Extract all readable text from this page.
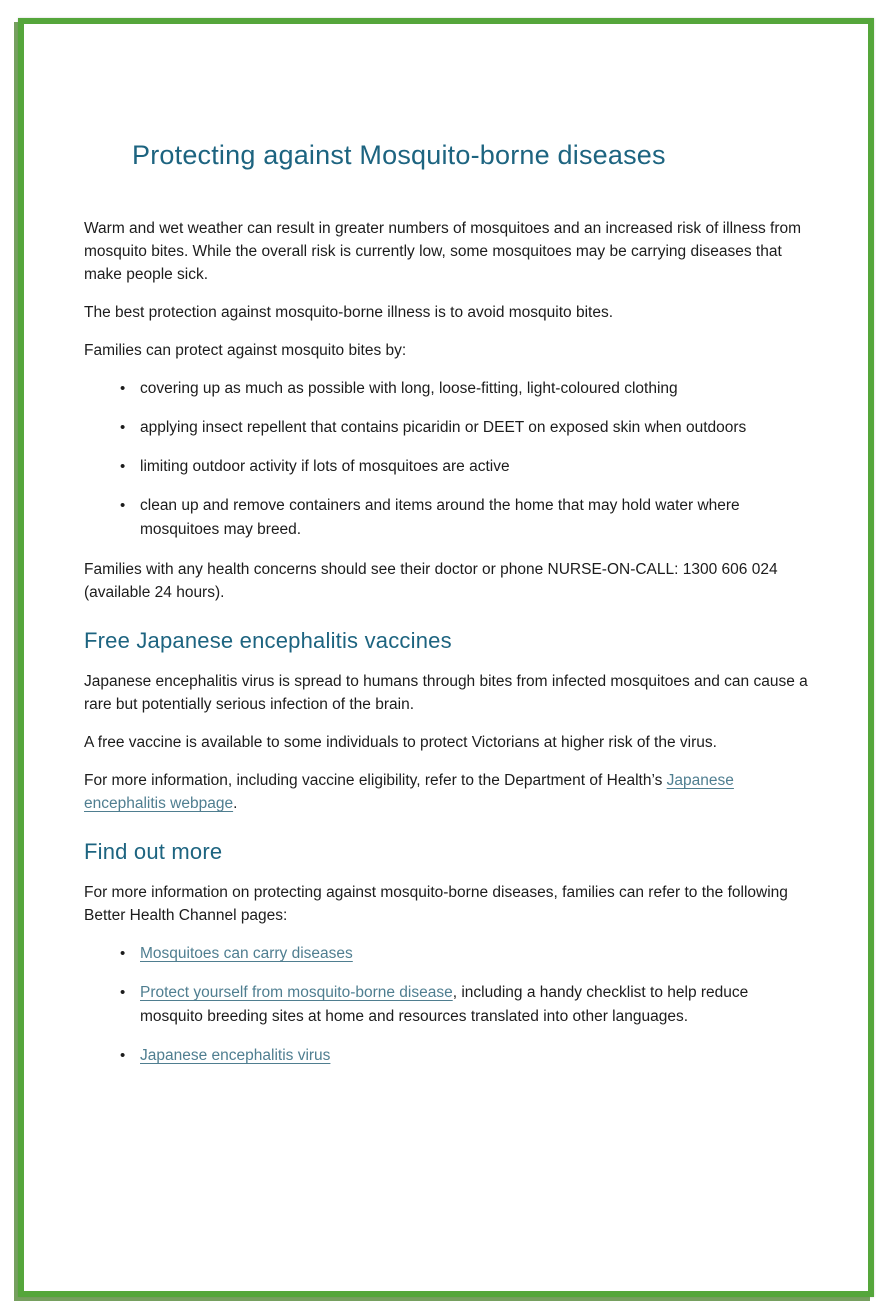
Protecting against Mosquito-borne diseases

Warm and wet weather can result in greater numbers of mosquitoes and an increased risk of illness from mosquito bites. While the overall risk is currently low, some mosquitoes may be carrying diseases that make people sick.

The best protection against mosquito-borne illness is to avoid mosquito bites.

Families can protect against mosquito bites by:

• covering up as much as possible with long, loose-fitting, light-coloured clothing
• applying insect repellent that contains picaridin or DEET on exposed skin when outdoors
• limiting outdoor activity if lots of mosquitoes are active
• clean up and remove containers and items around the home that may hold water where mosquitoes may breed.

Families with any health concerns should see their doctor or phone NURSE-ON-CALL: 1300 606 024 (available 24 hours).

Free Japanese encephalitis vaccines

Japanese encephalitis virus is spread to humans through bites from infected mosquitoes and can cause a rare but potentially serious infection of the brain.

A free vaccine is available to some individuals to protect Victorians at higher risk of the virus.

For more information, including vaccine eligibility, refer to the Department of Health’s Japanese encephalitis webpage.

Find out more

For more information on protecting against mosquito-borne diseases, families can refer to the following Better Health Channel pages:

• Mosquitoes can carry diseases
• Protect yourself from mosquito-borne disease, including a handy checklist to help reduce mosquito breeding sites at home and resources translated into other languages.
• Japanese encephalitis virus
